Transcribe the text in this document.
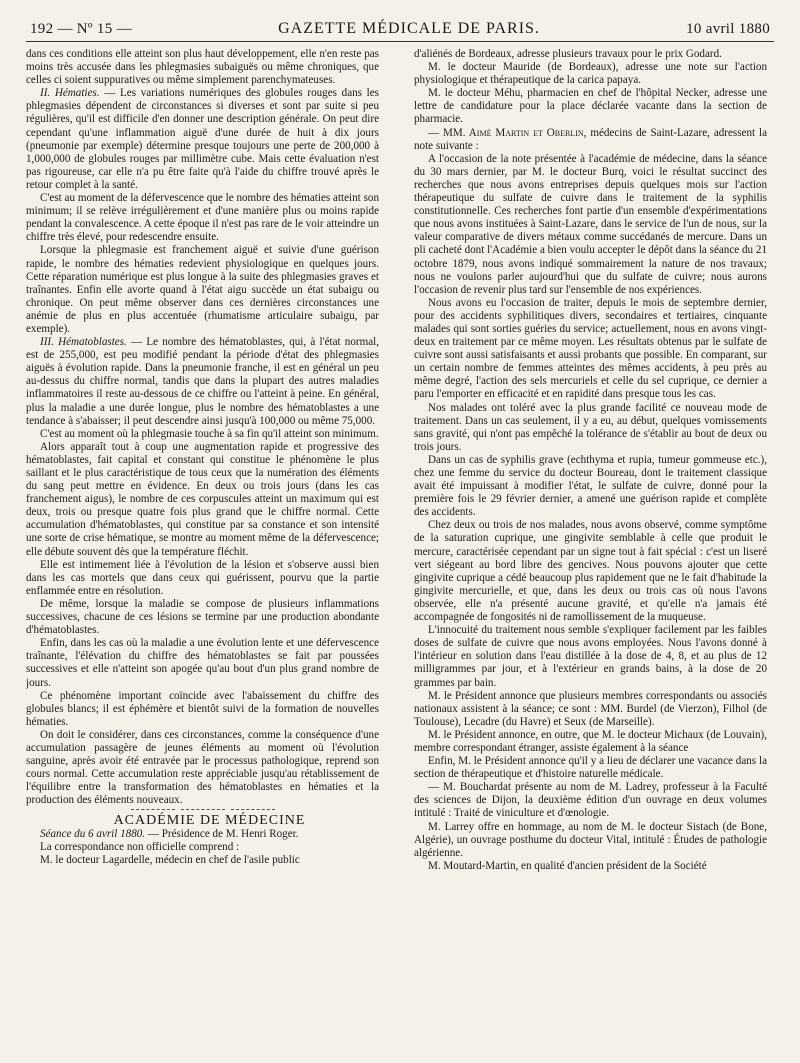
192 — Nº 15 —	GAZETTE MÉDICALE DE PARIS.	10 avril 1880

dans ces conditions elle atteint son plus haut développement, elle n'en reste pas moins très accusée dans les phlegmasies subaiguës ou même chroniques, que celles ci soient suppuratives ou même simplement parenchymateuses.

II. Hématies. — Les variations numériques des globules rouges dans les phlegmasies dépendent de circonstances si diverses et sont par suite si peu régulières, qu'il est difficile d'en donner une description générale. On peut dire cependant qu'une inflammation aiguë d'une durée de huit à dix jours (pneumonie par exemple) détermine presque toujours une perte de 200,000 à 1,000,000 de globules rouges par millimètre cube. Mais cette évaluation n'est pas rigoureuse, car elle n'a pu être faite qu'à l'aide du chiffre trouvé après le retour complet à la santé.

C'est au moment de la défervescence que le nombre des hématies atteint son minimum; il se relève irrégulièrement et d'une manière plus ou moins rapide pendant la convalescence. A cette époque il n'est pas rare de le voir atteindre un chiffre très élevé, pour redescendre ensuite.

Lorsque la phlegmasie est franchement aiguë et suivie d'une guérison rapide, le nombre des hématies redevient physiologique en quelques jours. Cette réparation numérique est plus longue à la suite des phlegmasies graves et traînantes. Enfin elle avorte quand à l'état aigu succède un état subaigu ou chronique. On peut même observer dans ces dernières circonstances une anémie de plus en plus accentuée (rhumatisme articulaire subaigu, par exemple).

III. Hématoblastes. — Le nombre des hématoblastes, qui, à l'état normal, est de 255,000, est peu modifié pendant la période d'état des phlegmasies aiguës à évolution rapide. Dans la pneumonie franche, il est en général un peu au-dessus du chiffre normal, tandis que dans la plupart des autres maladies inflammatoires il reste au-dessous de ce chiffre ou l'atteint à peine. En général, plus la maladie a une durée longue, plus le nombre des hématoblastes a une tendance à s'abaisser; il peut descendre ainsi jusqu'à 100,000 ou même 75,000.

C'est au moment où la phlegmasie touche à sa fin qu'il atteint son minimum.

Alors apparaît tout à coup une augmentation rapide et progressive des hématoblastes, fait capital et constant qui constitue le phénomène le plus saillant et le plus caractéristique de tous ceux que la numération des éléments du sang peut mettre en évidence. En deux ou trois jours (dans les cas franchement aigus), le nombre de ces corpuscules atteint un maximum qui est deux, trois ou presque quatre fois plus grand que le chiffre normal. Cette accumulation d'hématoblastes, qui constitue par sa constance et son intensité une sorte de crise hématique, se montre au moment même de la défervescence; elle débute souvent dès que la température fléchit.

Elle est intimement liée à l'évolution de la lésion et s'observe aussi bien dans les cas mortels que dans ceux qui guérissent, pourvu que la partie enflammée entre en résolution.

De même, lorsque la maladie se compose de plusieurs inflammations successives, chacune de ces lésions se termine par une production abondante d'hématoblastes.

Enfin, dans les cas où la maladie a une évolution lente et une défervescence traînante, l'élévation du chiffre des hématoblastes se fait par poussées successives et elle n'atteint son apogée qu'au bout d'un plus grand nombre de jours.

Ce phénomène important coïncide avec l'abaissement du chiffre des globules blancs; il est éphémère et bientôt suivi de la formation de nouvelles hématies.

On doit le considérer, dans ces circonstances, comme la conséquence d'une accumulation passagère de jeunes éléments au moment où l'évolution sanguine, après avoir été entravée par le processus pathologique, reprend son cours normal. Cette accumulation reste appréciable jusqu'au rétablissement de l'équilibre entre la transformation des hématoblastes en hématies et la production des éléments nouveaux.

ACADÉMIE DE MÉDECINE

Séance du 6 avril 1880. — Présidence de M. Henri Roger.

La correspondance non officielle comprend :

M. le docteur Lagardelle, médecin en chef de l'asile public

d'aliénés de Bordeaux, adresse plusieurs travaux pour le prix Godard.

M. le docteur Mauride (de Bordeaux), adresse une note sur l'action physiologique et thérapeutique de la carica papaya.

M. le docteur Méhu, pharmacien en chef de l'hôpital Necker, adresse une lettre de candidature pour la place déclarée vacante dans la section de pharmacie.

— MM. Aimé Martin et Oberlin, médecins de Saint-Lazare, adressent la note suivante :

A l'occasion de la note présentée à l'académie de médecine, dans la séance du 30 mars dernier, par M. le docteur Burq, voici le résultat succinct des recherches que nous avons entreprises depuis quelques mois sur l'action thérapeutique du sulfate de cuivre dans le traitement de la syphilis constitutionnelle. Ces recherches font partie d'un ensemble d'expérimentations que nous avons instituées à Saint-Lazare, dans le service de l'un de nous, sur la valeur comparative de divers métaux comme succédanés de mercure. Dans un pli cacheté dont l'Académie a bien voulu accepter le dépôt dans la séance du 21 octobre 1879, nous avons indiqué sommairement la nature de nos travaux; nous ne voulons parler aujourd'hui que du sulfate de cuivre; nous aurons l'occasion de revenir plus tard sur l'ensemble de nos expériences.

Nous avons eu l'occasion de traiter, depuis le mois de septembre dernier, pour des accidents syphilitiques divers, secondaires et tertiaires, cinquante malades qui sont sorties guéries du service; actuellement, nous en avons vingt-deux en traitement par ce même moyen. Les résultats obtenus par le sulfate de cuivre sont aussi satisfaisants et aussi probants que possible. En comparant, sur un certain nombre de femmes atteintes des mêmes accidents, à peu près au même degré, l'action des sels mercuriels et celle du sel cuprique, ce dernier a paru l'emporter en efficacité et en rapidité dans presque tous les cas.

Nos malades ont toléré avec la plus grande facilité ce nouveau mode de traitement. Dans un cas seulement, il y a eu, au début, quelques vomissements sans gravité, qui n'ont pas empêché la tolérance de s'établir au bout de deux ou trois jours.

Dans un cas de syphilis grave (echthyma et rupia, tumeur gommeuse etc.), chez une femme du service du docteur Boureau, dont le traitement classique avait été impuissant à modifier l'état, le sulfate de cuivre, donné pour la première fois le 29 février dernier, a amené une guérison rapide et complète des accidents.

Chez deux ou trois de nos malades, nous avons observé, comme symptôme de la saturation cuprique, une gingivite semblable à celle que produit le mercure, caractérisée cependant par un signe tout à fait spécial : c'est un liseré vert siégeant au bord libre des gencives. Nous pouvons ajouter que cette gingivite cuprique a cédé beaucoup plus rapidement que ne le fait d'habitude la gingivite mercurielle, et que, dans les deux ou trois cas où nous l'avons observée, elle n'a présenté aucune gravité, et qu'elle n'a jamais été accompagnée de fongosités ni de ramollissement de la muqueuse.

L'innocuité du traitement nous semble s'expliquer facilement par les faibles doses de sulfate de cuivre que nous avons employées. Nous l'avons donné à l'intérieur en solution dans l'eau distillée à la dose de 4, 8, et au plus de 12 milligrammes par jour, et à l'extérieur en grands bains, à la dose de 20 grammes par bain.

M. le Président annonce que plusieurs membres correspondants ou associés nationaux assistent à la séance; ce sont : MM. Burdel (de Vierzon), Filhol (de Toulouse), Lecadre (du Havre) et Seux (de Marseille).

M. le Président annonce, en outre, que M. le docteur Michaux (de Louvain), membre correspondant étranger, assiste également à la séance

Enfin, M. le Président annonce qu'il y a lieu de déclarer une vacance dans la section de thérapeutique et d'histoire naturelle médicale.

— M. Bouchardat présente au nom de M. Ladrey, professeur à la Faculté des sciences de Dijon, la deuxième édition d'un ouvrage en deux volumes intitulé : Traité de viniculture et d'œnologie.

M. Larrey offre en hommage, au nom de M. le docteur Sistach (de Bone, Algérie), un ouvrage posthume du docteur Vital, intitulé : Études de pathologie algérienne.

M. Moutard-Martin, en qualité d'ancien président de la Société
